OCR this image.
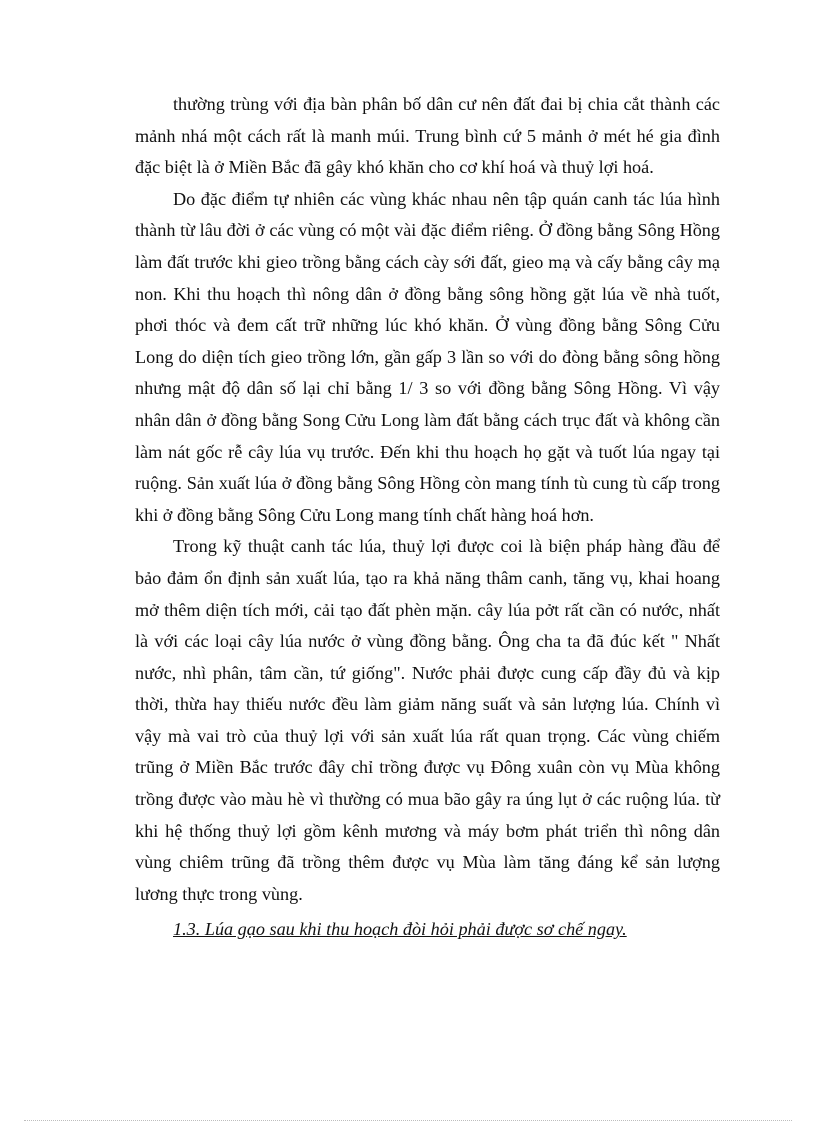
thường trùng với địa bàn phân bố dân cư nên đất đai bị chia cắt thành các mảnh nhá một cách rất là manh múi. Trung bình cứ 5 mảnh ở mét hé gia đình đặc biệt là ở Miền Bắc đã gây khó khăn cho cơ khí hoá và thuỷ lợi hoá.

Do đặc điểm tự nhiên các vùng khác nhau nên tập quán canh tác lúa hình thành từ lâu đời ở các vùng có một vài đặc điểm riêng. Ở đồng bằng Sông Hồng làm đất trước khi gieo trồng bằng cách cày sới đất, gieo mạ và cấy bằng cây mạ non. Khi thu hoạch thì nông dân ở đồng bằng sông hồng gặt lúa về nhà tuốt, phơi thóc và đem cất trữ những lúc khó khăn. Ở vùng đồng bằng Sông Cửu Long do diện tích gieo trồng lớn, gần gấp 3 lần so với do đòng bằng sông hồng nhưng mật độ dân số lại chỉ bằng 1/ 3 so với đồng bằng Sông Hồng. Vì vậy nhân dân ở đồng bằng Song Cửu Long làm đất bằng cách trục đất và không cần làm nát gốc rễ cây lúa vụ trước. Đến khi thu hoạch họ gặt và tuốt lúa ngay tại ruộng. Sản xuất lúa ở đồng bằng Sông Hồng còn mang tính tù cung tù cấp trong khi ở đồng bằng Sông Cửu Long mang tính chất hàng hoá hơn.

Trong kỹ thuật canh tác lúa, thuỷ lợi được coi là biện pháp hàng đầu để bảo đảm ổn định sản xuất lúa, tạo ra khả năng thâm canh, tăng vụ, khai hoang mở thêm diện tích mới, cải tạo đất phèn mặn. cây lúa pởt rất cần có nước, nhất là với các loại cây lúa nước ở vùng đồng bằng. Ông cha ta đã đúc kết " Nhất nước, nhì phân, tâm cần, tứ giống". Nước phải được cung cấp đầy đủ và kịp thời, thừa hay thiếu nước đều làm giảm năng suất và sản lượng lúa. Chính vì vậy mà vai trò của thuỷ lợi với sản xuất lúa rất quan trọng. Các vùng chiếm trũng ở Miền Bắc trước đây chỉ trồng được vụ Đông xuân còn vụ Mùa không trồng được vào màu hè vì thường có mua bão gây ra úng lụt ở các ruộng lúa. từ khi hệ thống thuỷ lợi gồm kênh mương và máy bơm phát triển thì nông dân vùng chiêm trũng đã trồng thêm được vụ Mùa làm tăng đáng kể sản lượng lương thực trong vùng.

1.3. Lúa gạo sau khi thu hoạch đòi hỏi phải được sơ chế ngay.
